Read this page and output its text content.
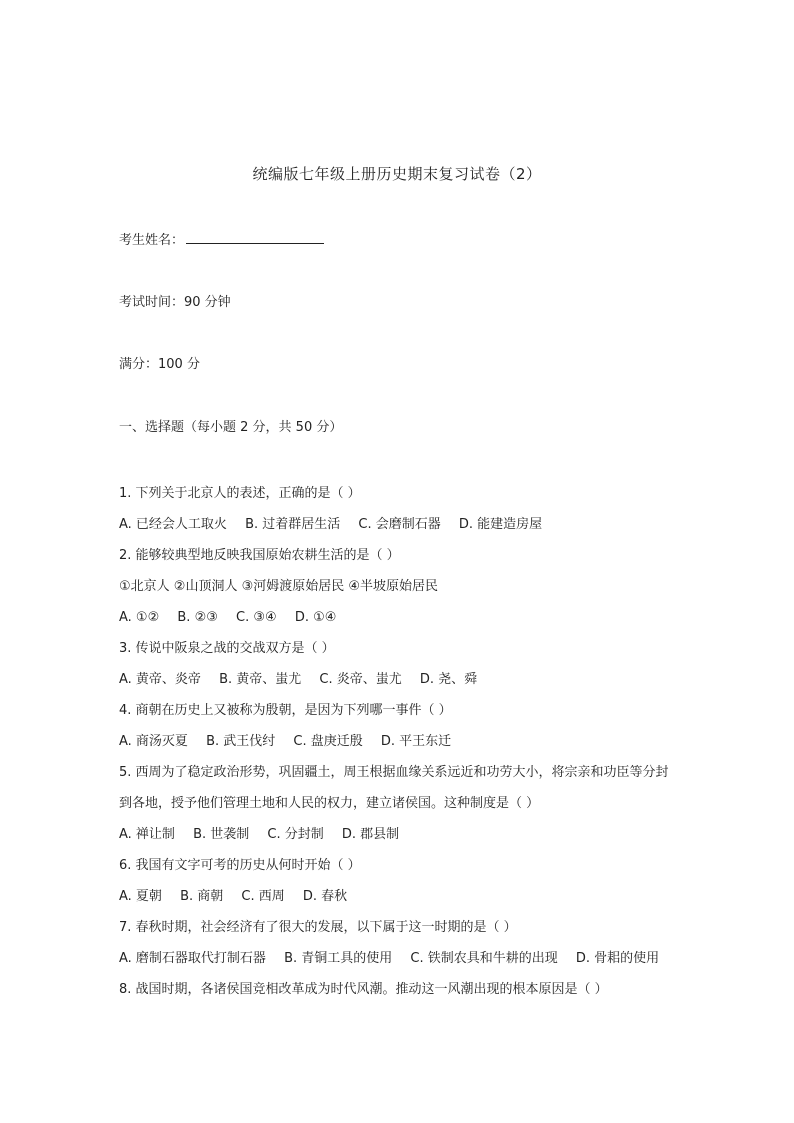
统编版七年级上册历史期末复习试卷（2）
考生姓名：
考试时间：90 分钟
满分：100 分
一、选择题（每小题 2 分，共 50 分）
1. 下列关于北京人的表述，正确的是（ ）
A. 已经会人工取火 B. 过着群居生活 C. 会磨制石器 D. 能建造房屋
2. 能够较典型地反映我国原始农耕生活的是（ ）
①北京人 ②山顶洞人 ③河姆渡原始居民 ④半坡原始居民
A. ①② B. ②③ C. ③④ D. ①④
3. 传说中阪泉之战的交战双方是（ ）
A. 黄帝、炎帝 B. 黄帝、蚩尤 C. 炎帝、蚩尤 D. 尧、舜
4. 商朝在历史上又被称为殷朝，是因为下列哪一事件（ ）
A. 商汤灭夏 B. 武王伐纣 C. 盘庚迁殷 D. 平王东迁
5. 西周为了稳定政治形势，巩固疆土，周王根据血缘关系远近和功劳大小，将宗亲和功臣等分封到各地，授予他们管理土地和人民的权力，建立诸侯国。这种制度是（ ）
A. 禅让制 B. 世袭制 C. 分封制 D. 郡县制
6. 我国有文字可考的历史从何时开始（ ）
A. 夏朝 B. 商朝 C. 西周 D. 春秋
7. 春秋时期，社会经济有了很大的发展，以下属于这一时期的是（ ）
A. 磨制石器取代打制石器 B. 青铜工具的使用 C. 铁制农具和牛耕的出现 D. 骨耜的使用
8. 战国时期，各诸侯国竞相改革成为时代风潮。推动这一风潮出现的根本原因是（ ）
